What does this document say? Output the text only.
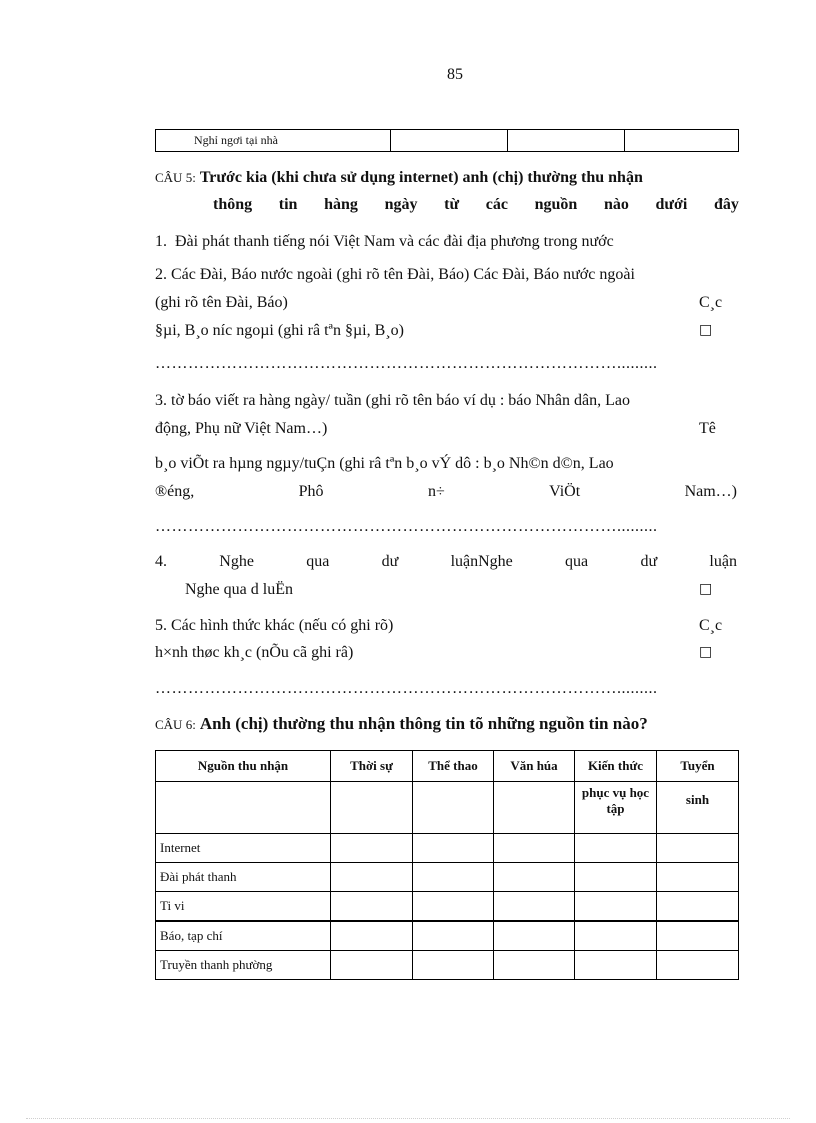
85
Nghỉ ngơi tại nhà			
CÂU 5: Trước kia (khi chưa sử dụng internet) anh (chị) thường thu nhận
thông tin hàng ngày từ các nguồn nào dưới đây
1. Đài phát thanh tiếng nói Việt Nam và các đài địa phương trong nước
2. Các Đài, Báo nước ngoài (ghi rõ tên Đài, Báo) Các Đài, Báo nước ngoài
(ghi rõ tên Đài, Báo)	C¸c
§µi, B¸o níc ngoµi (ghi râ tªn §µi, B¸o)	□
………………………………………………………………………….........
3. tờ báo viết ra hàng ngày/ tuần (ghi rõ tên báo ví dụ : báo Nhân dân, Lao
động, Phụ nữ Việt Nam…)	Tê
b¸o viÕt ra hµng ngµy/tuÇn (ghi râ tªn b¸o vÝ dô : b¸o Nh©n d©n, Lao
®éng,	Phô	n÷	ViÖt	Nam…)
………………………………………………………………………….........
4.	Nghe	qua	dư	luậnNghe	qua	dư	luận
Nghe qua d luËn	□
5. Các hình thức khác (nếu có ghi rõ)	C¸c
h×nh thøc kh¸c (nÕu cã ghi râ)	□
………………………………………………………………………….........
CÂU 6: Anh (chị) thường thu nhận thông tin tõ những nguồn tin nào?
Nguồn thu nhận	Thời sự	Thể thao	Văn húa	Kiến thức	Tuyển
				phục vụ học tập	sinh
Internet					
Đài phát thanh					
Ti vi					
Báo, tạp chí					
Truyền thanh phường					
